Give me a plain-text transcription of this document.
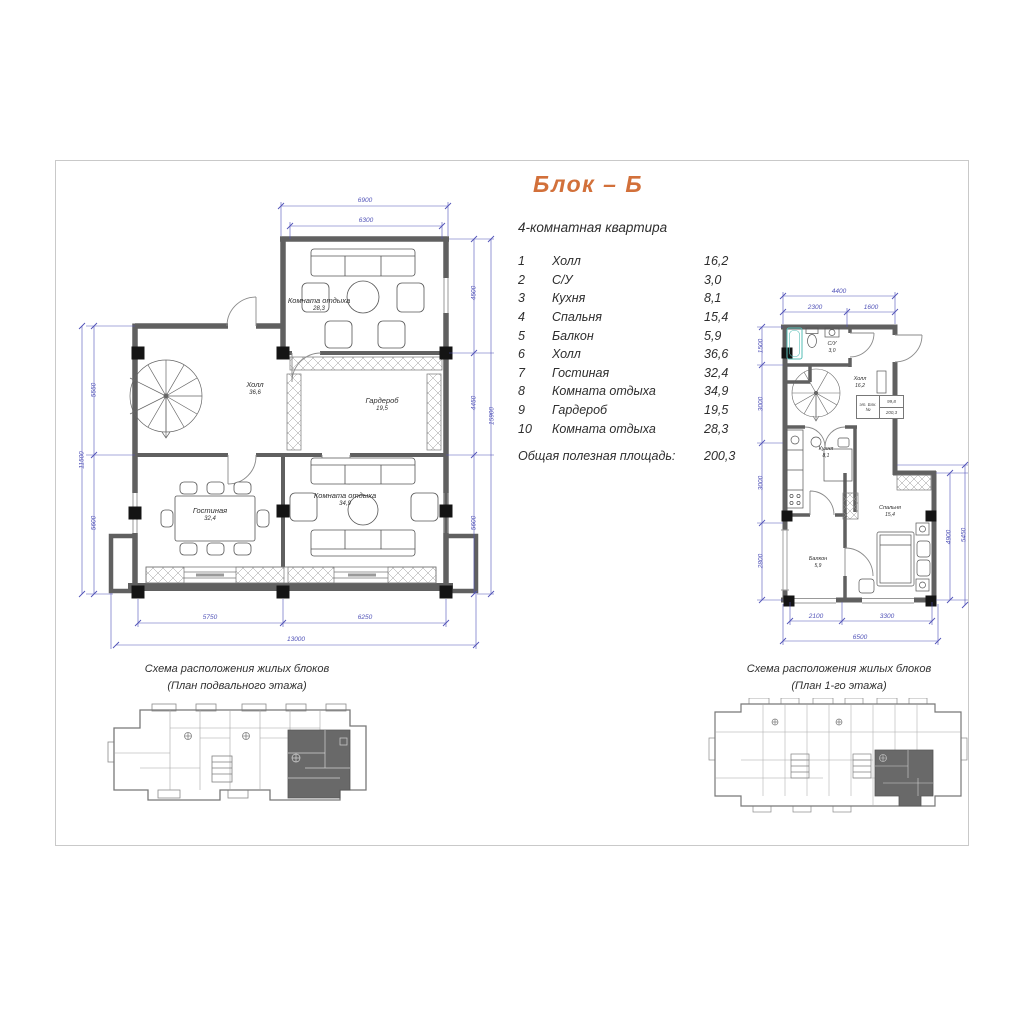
Блок – Б
4-комнатная квартира
1	Холл	16,2
2	С/У	3,0
3	Кухня	8,1
4	Спальня	15,4
5	Балкон	5,9
6	Холл	36,6
7	Гостиная	32,4
8	Комната отдыха	34,9
9	Гардероб	19,5
10	Комната отдыха	28,3
Общая полезная площадь:	200,3
6900
6300
4500
4450
5600
15900
5550
5600
11500
5750	6250
13000
Комната отдыха
28,3
Холл
36,6
Гардероб
19,5
Гостиная
32,4
Комната отдыха
34,9
4400
2300	1600
1500
3000
3000
2800
4900 5450
2100	3300
6500
С/У
3,0
Холл
16,2
Кухня
8,1
Спальня
15,4
Балкон
5,9
эт. Блк.№
99,8
200,3
Схема расположения жилых блоков
(План подвального этажа)
Схема расположения жилых блоков
(План 1-го этажа)
